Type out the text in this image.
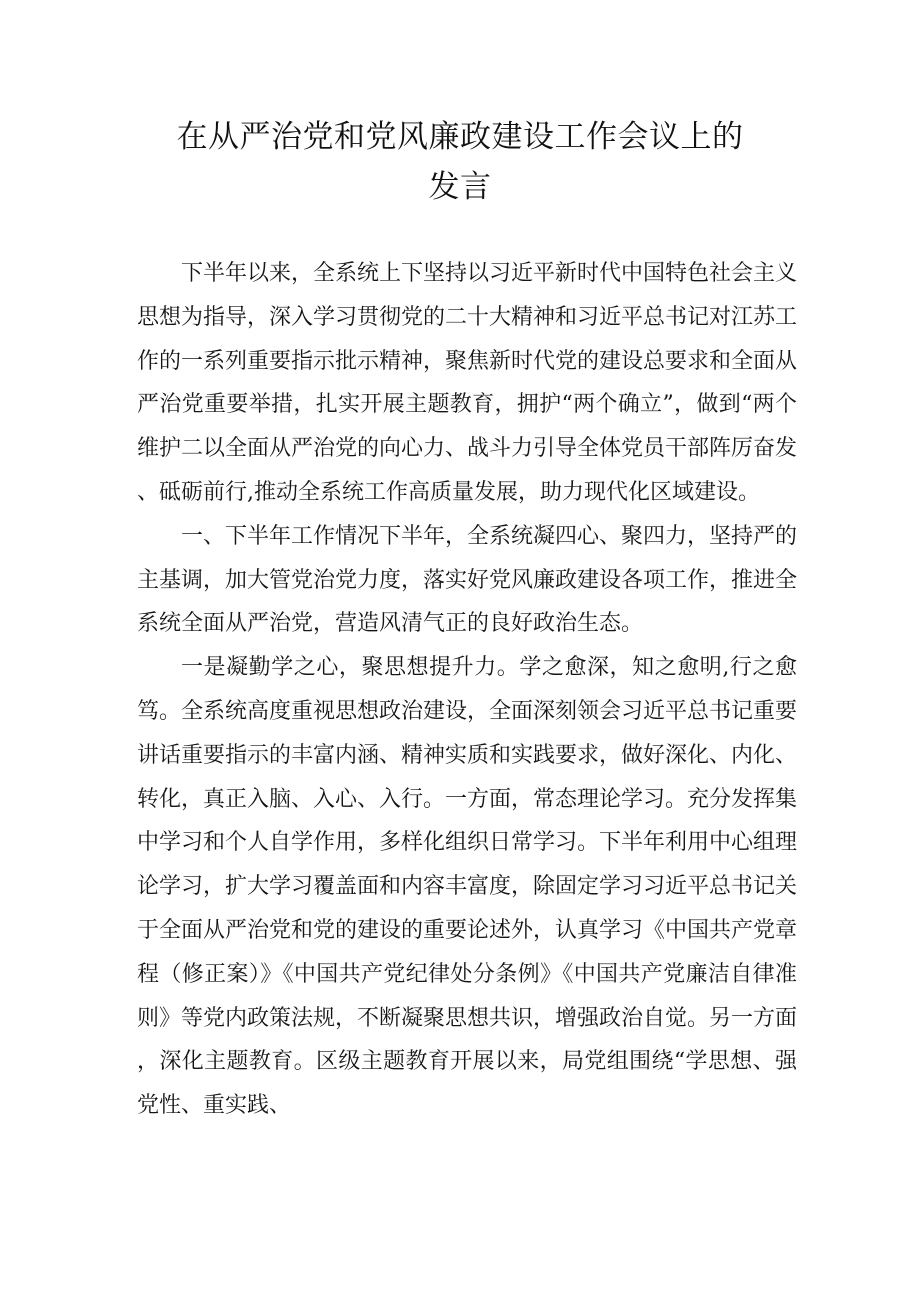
在从严治党和党风廉政建设工作会议上的
发言

下半年以来，全系统上下坚持以习近平新时代中国特色社会主义思想为指导，深入学习贯彻党的二十大精神和习近平总书记对江苏工作的一系列重要指示批示精神，聚焦新时代党的建设总要求和全面从严治党重要举措，扎实开展主题教育，拥护“两个确立”，做到“两个维护二以全面从严治党的向心力、战斗力引导全体党员干部阵厉奋发、砥砺前行,推动全系统工作高质量发展，助力现代化区域建设。

一、下半年工作情况下半年，全系统凝四心、聚四力，坚持严的主基调，加大管党治党力度，落实好党风廉政建设各项工作，推进全系统全面从严治党，营造风清气正的良好政治生态。

一是凝勤学之心，聚思想提升力。学之愈深，知之愈明,行之愈笃。全系统高度重视思想政治建设，全面深刻领会习近平总书记重要讲话重要指示的丰富内涵、精神实质和实践要求，做好深化、内化、转化，真正入脑、入心、入行。一方面，常态理论学习。充分发挥集中学习和个人自学作用，多样化组织日常学习。下半年利用中心组理论学习，扩大学习覆盖面和内容丰富度，除固定学习习近平总书记关于全面从严治党和党的建设的重要论述外，认真学习《中国共产党章程（修正案）》《中国共产党纪律处分条例》《中国共产党廉洁自律准则》等党内政策法规，不断凝聚思想共识，增强政治自觉。另一方面，深化主题教育。区级主题教育开展以来，局党组围绕“学思想、强党性、重实践、
